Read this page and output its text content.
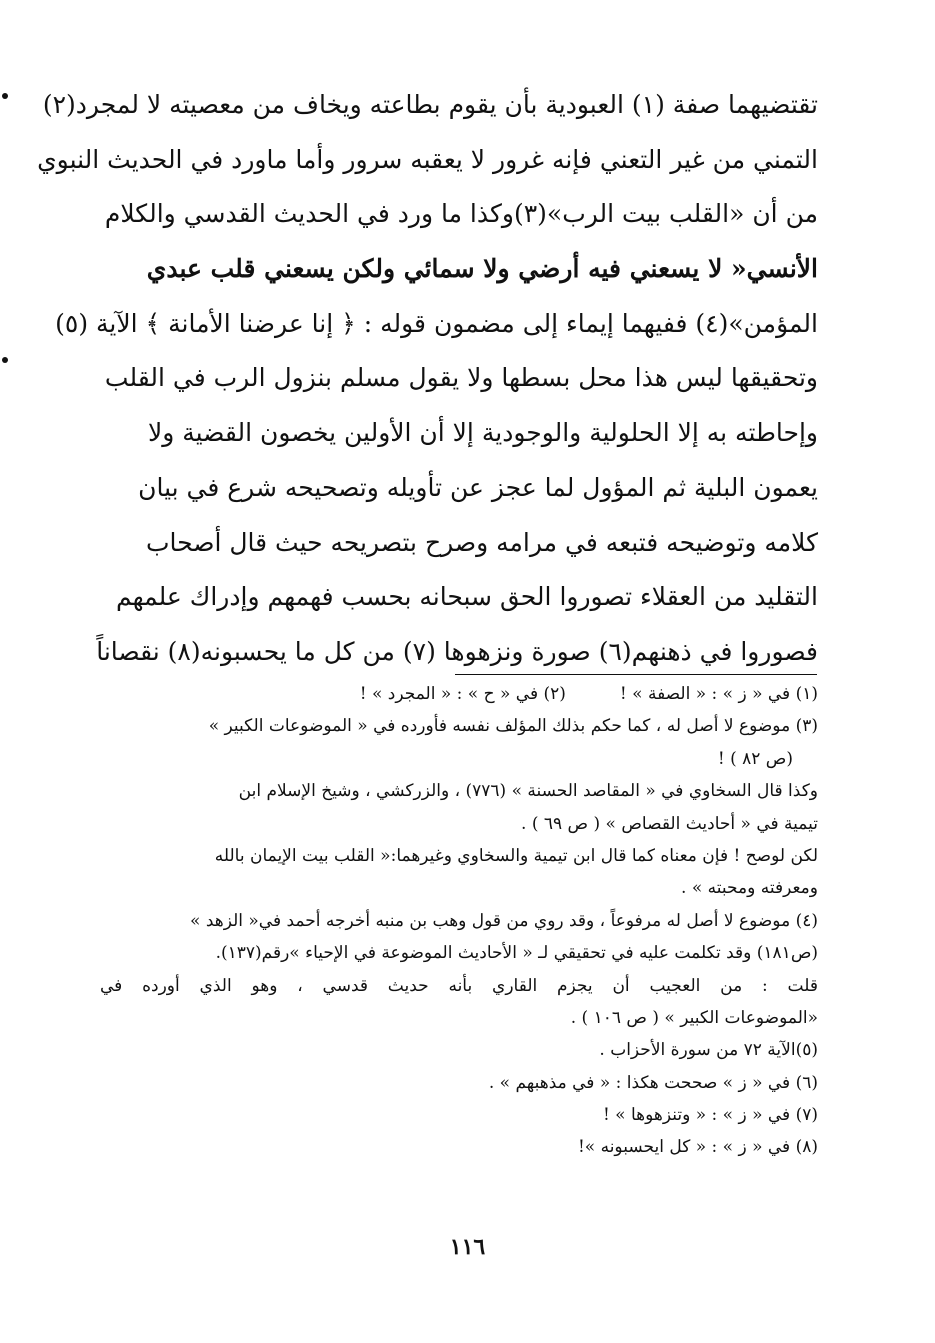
تقتضيهما صفة (١) العبودية بأن يقوم بطاعته ويخاف من معصيته لا لمجرد(٢)
التمني من غير التعني فإنه غرور لا يعقبه سرور وأما ماورد في الحديث النبوي
من أن «القلب بيت الرب»(٣)وكذا ما ورد في الحديث القدسي والكلام
الأنسي« لا يسعني فيه أرضي ولا سمائي ولكن يسعني قلب عبدي
المؤمن»(٤) ففيهما إيماء إلى مضمون قوله : ﴿ إنا عرضنا الأمانة ﴾ الآية (٥)
وتحقيقها ليس هذا محل بسطها ولا يقول مسلم بنزول الرب في القلب
وإحاطته به إلا الحلولية والوجودية إلا أن الأولين يخصون القضية ولا
يعمون البلية ثم المؤول لما عجز عن تأويله وتصحيحه شرع في بيان
كلامه وتوضيحه فتبعه في مرامه وصرح بتصريحه حيث قال أصحاب
التقليد من العقلاء تصوروا الحق سبحانه بحسب فهمهم وإدراك علمهم
فصوروا في ذهنهم(٦) صورة ونزهوها (٧) من كل ما يحسبونه(٨) نقصاناً
(١) في « ز » : « الصفة » !          (٢) في « ح » : « المجرد » !
(٣) موضوع لا أصل له ، كما حكم بذلك المؤلف نفسه فأورده في « الموضوعات الكبير »
(ص ٨٢ ) !
وكذا قال السخاوي في « المقاصد الحسنة » (٧٧٦) ، والزركشي ، وشيخ الإسلام ابن
تيمية في « أحاديث القصاص » ( ص ٦٩ ) .
لكن لوصح ! فإن معناه كما قال ابن تيمية والسخاوي وغيرهما:« القلب بيت الإيمان بالله
ومعرفته ومحبته » .
(٤) موضوع لا أصل له مرفوعاً ، وقد روي من قول وهب بن منبه أخرجه أحمد في« الزهد »
(ص١٨١) وقد تكلمت عليه في تحقيقي لـ « الأحاديث الموضوعة في الإحياء »رقم(١٣٧).
قلت : من العجيب أن يجزم القاري بأنه حديث قدسي ، وهو الذي أورده في
«الموضوعات الكبير » ( ص ١٠٦ ) .
(٥)الآية ٧٢ من سورة الأحزاب .
(٦) في « ز » صححت هكذا : « في مذهبهم » .
(٧) في « ز » : « وتنزهوها » !
(٨) في « ز » : « كل ايحسبونه »!
١١٦
